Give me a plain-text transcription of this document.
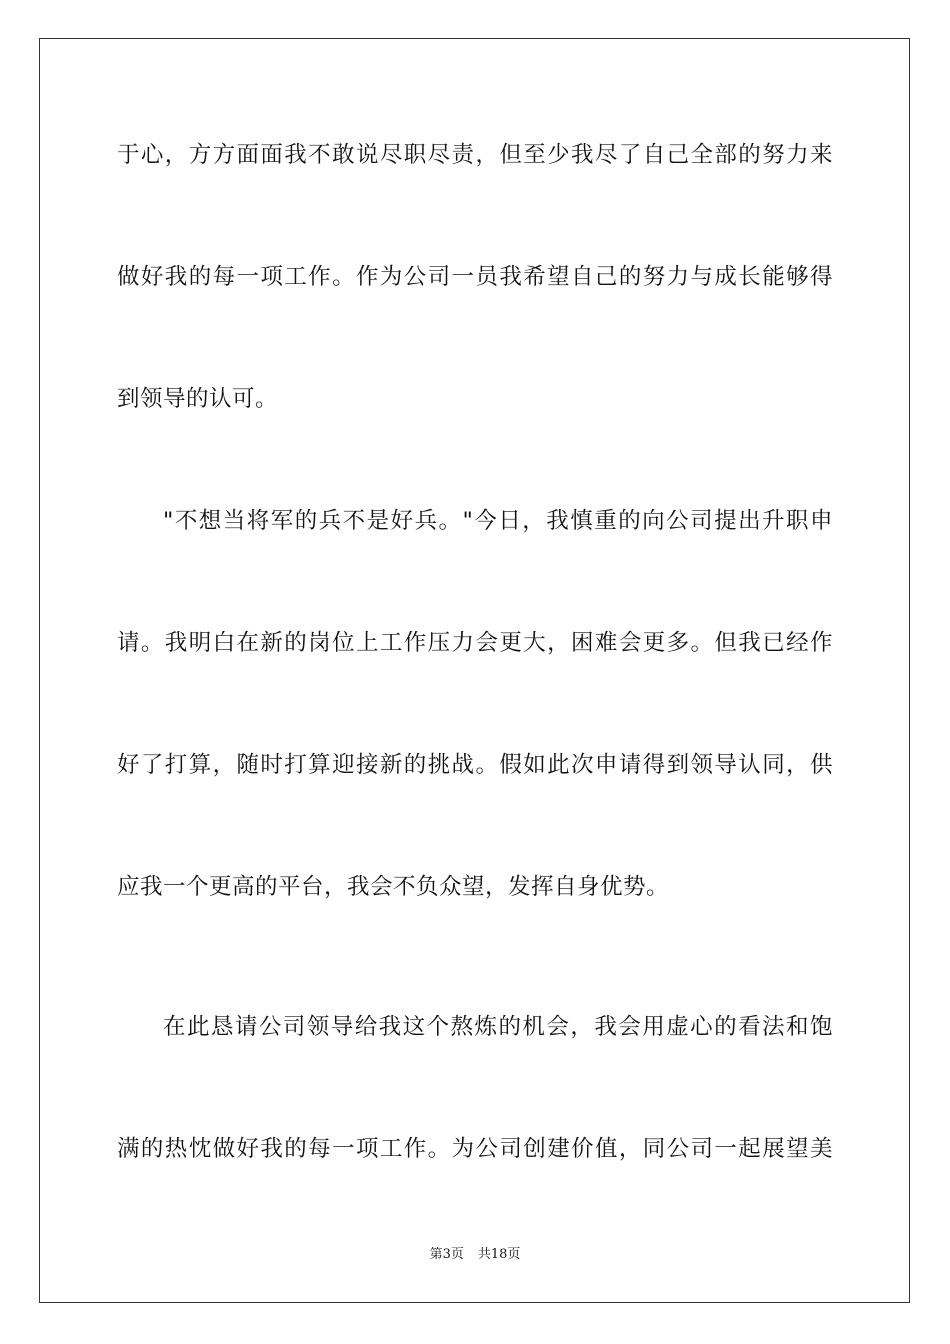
于心，方方面面我不敢说尽职尽责，但至少我尽了自己全部的努力来
做好我的每一项工作。作为公司一员我希望自己的努力与成长能够得
到领导的认可。
"不想当将军的兵不是好兵。"今日，我慎重的向公司提出升职申
请。我明白在新的岗位上工作压力会更大，困难会更多。但我已经作
好了打算，随时打算迎接新的挑战。假如此次申请得到领导认同，供
应我一个更高的平台，我会不负众望，发挥自身优势。
在此恳请公司领导给我这个熬炼的机会，我会用虚心的看法和饱
满的热忱做好我的每一项工作。为公司创建价值，同公司一起展望美
第3页 共18页
